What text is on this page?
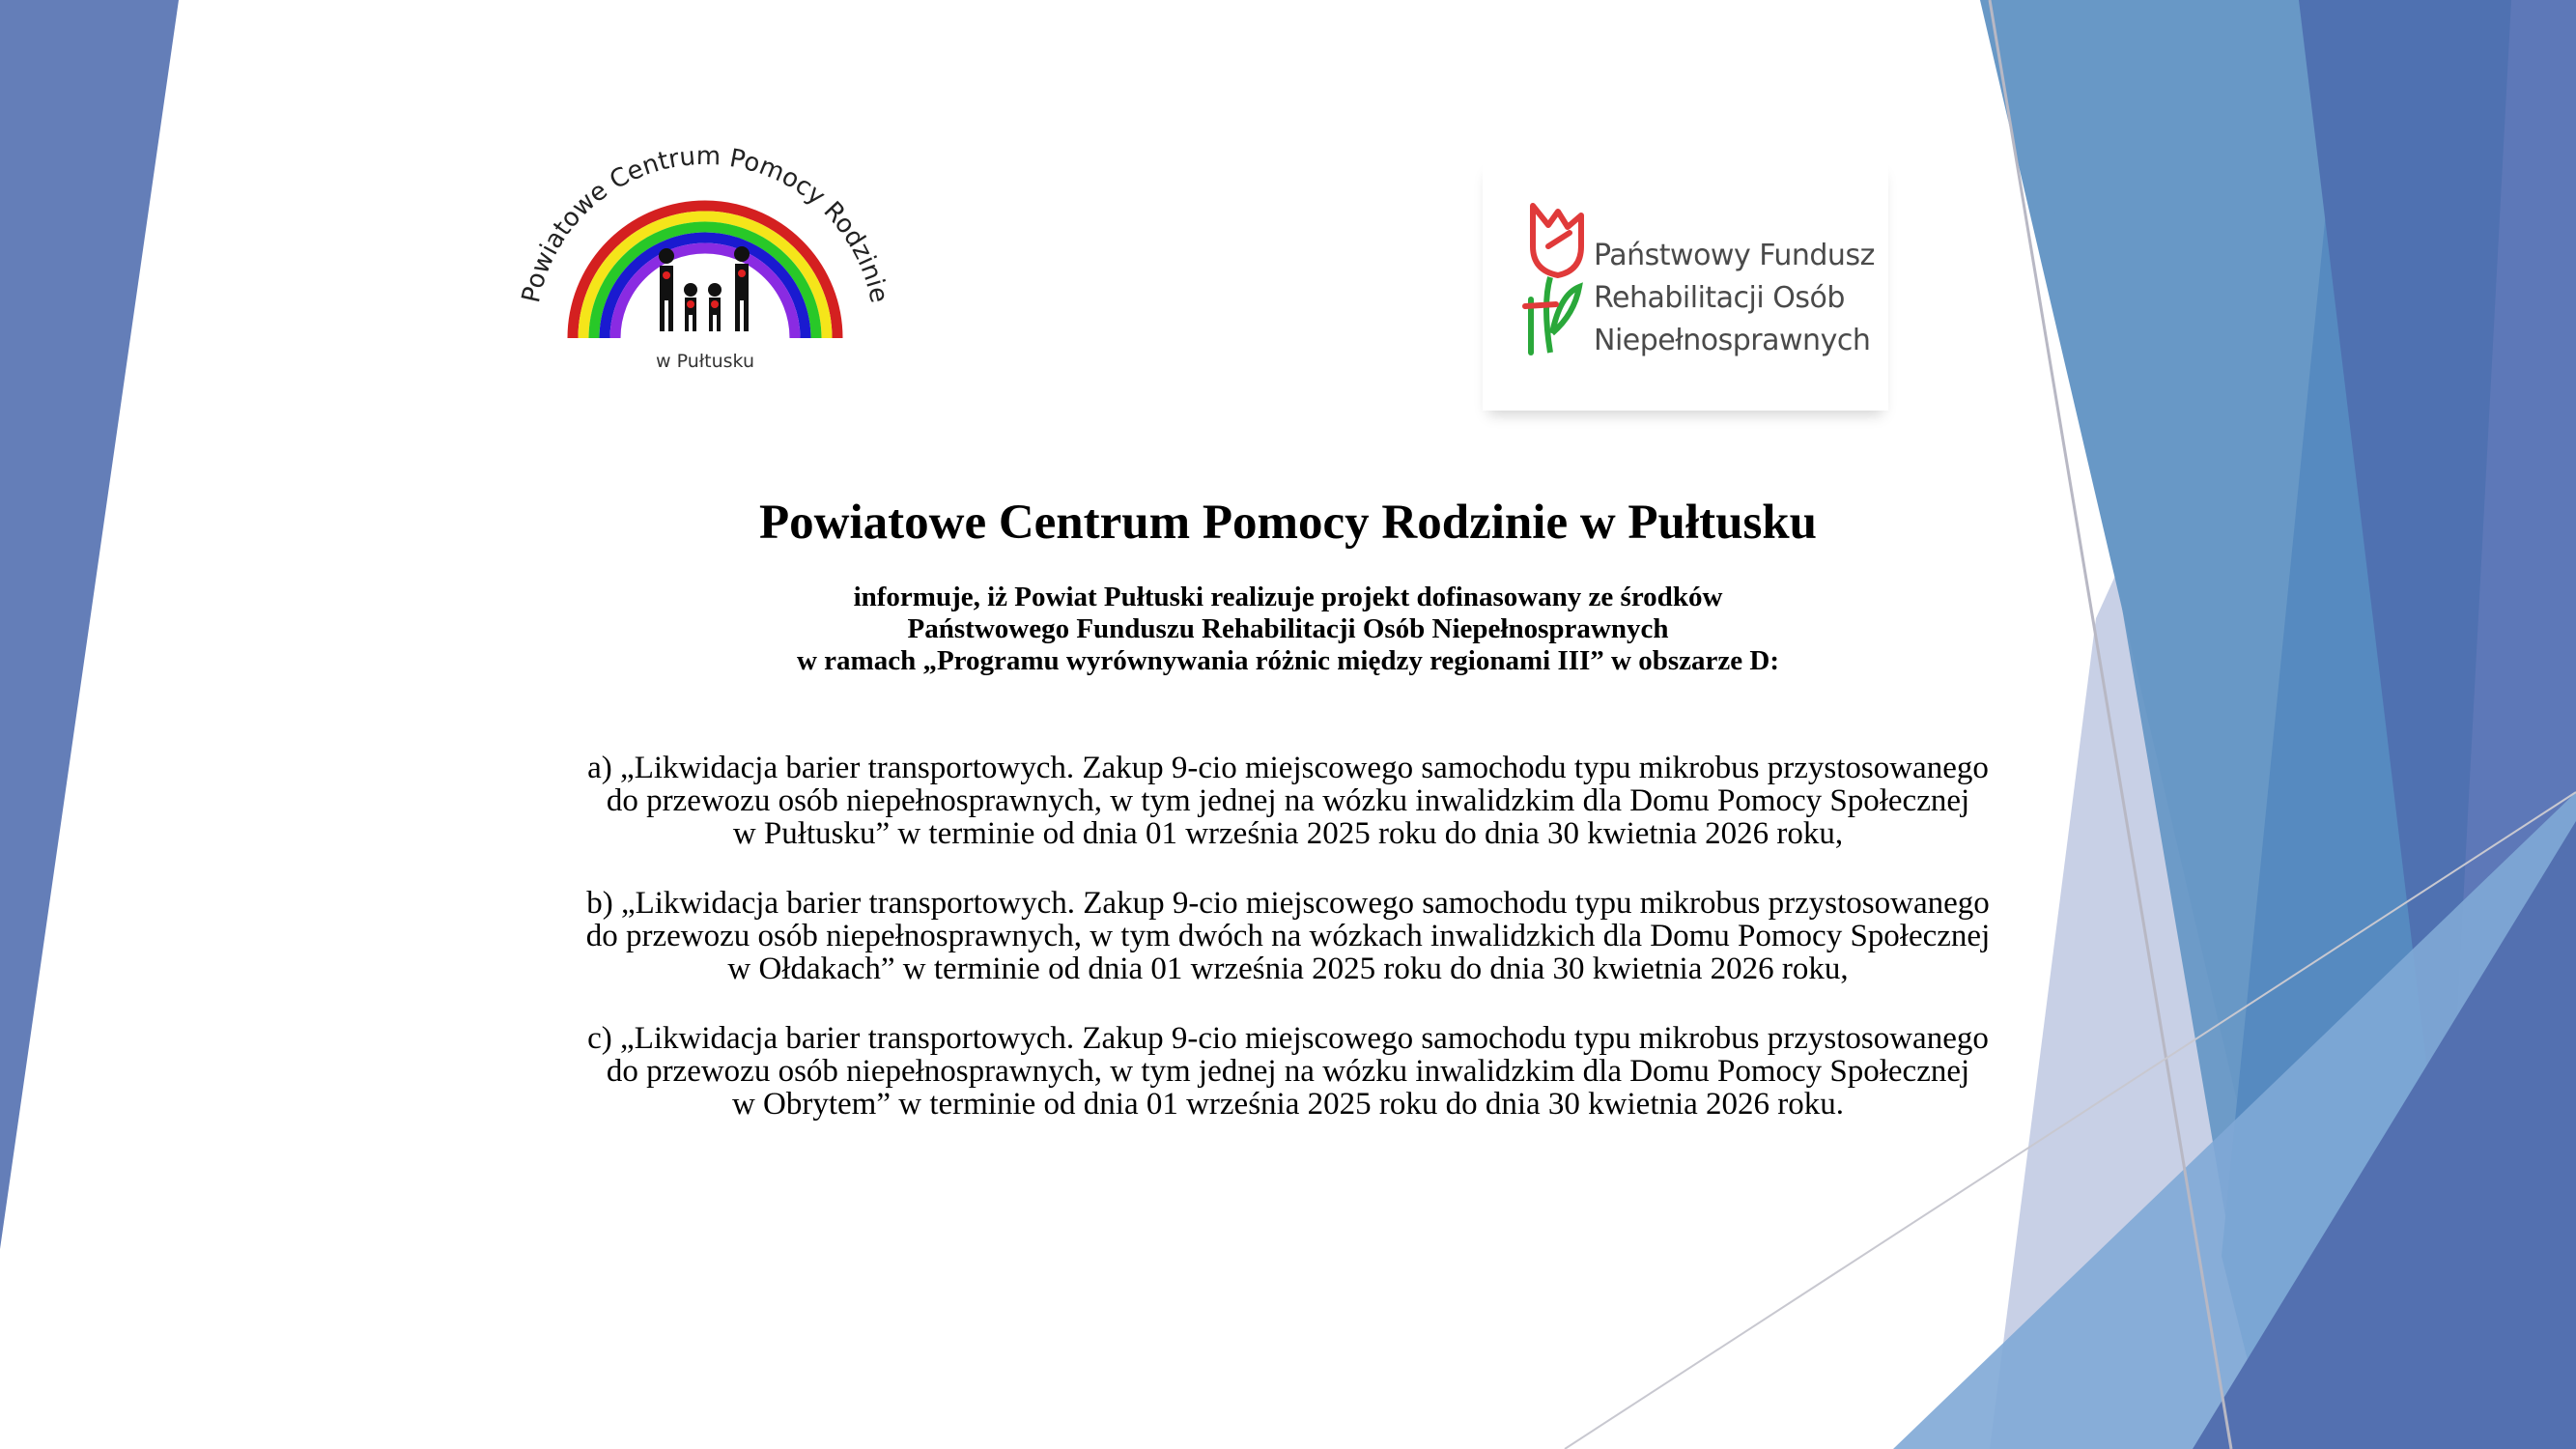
Powiatowe Centrum Pomocy Rodzinie
w Pułtusku
Państwowy Fundusz
Rehabilitacji Osób
Niepełnosprawnych
Powiatowe Centrum Pomocy Rodzinie w Pułtusku
informuje, iż Powiat Pułtuski realizuje projekt dofinasowany ze środków
Państwowego Funduszu Rehabilitacji Osób Niepełnosprawnych
w ramach „Programu wyrównywania różnic między regionami III” w obszarze D:
a) „Likwidacja barier transportowych. Zakup 9-cio miejscowego samochodu typu mikrobus przystosowanego
do przewozu osób niepełnosprawnych, w tym jednej na wózku inwalidzkim dla Domu Pomocy Społecznej
w Pułtusku” w terminie od dnia 01 września 2025 roku do dnia 30 kwietnia 2026 roku,
b) „Likwidacja barier transportowych. Zakup 9-cio miejscowego samochodu typu mikrobus przystosowanego
do przewozu osób niepełnosprawnych, w tym dwóch na wózkach inwalidzkich dla Domu Pomocy Społecznej
w Ołdakach” w terminie od dnia 01 września 2025 roku do dnia 30 kwietnia 2026 roku,
c) „Likwidacja barier transportowych. Zakup 9-cio miejscowego samochodu typu mikrobus przystosowanego
do przewozu osób niepełnosprawnych, w tym jednej na wózku inwalidzkim dla Domu Pomocy Społecznej
w Obrytem” w terminie od dnia 01 września 2025 roku do dnia 30 kwietnia 2026 roku.
